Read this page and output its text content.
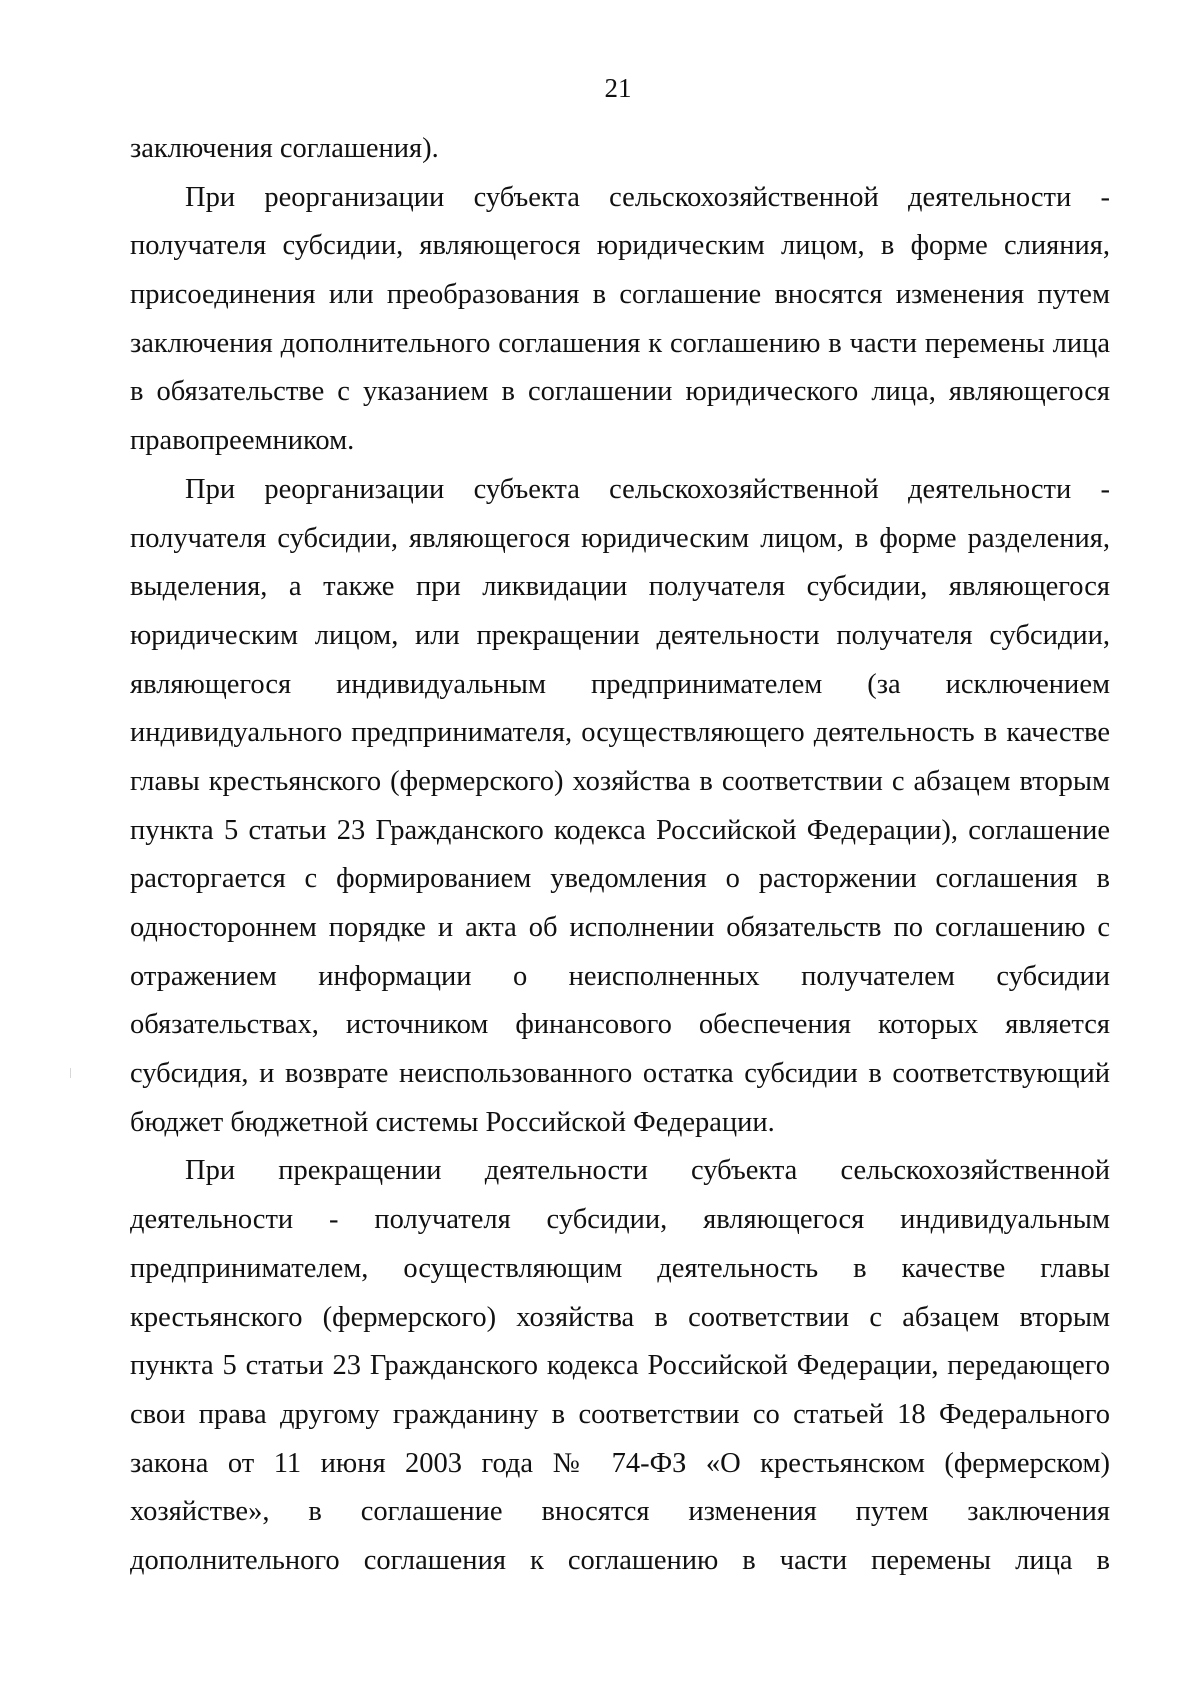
21
заключения соглашения).
При реорганизации субъекта сельскохозяйственной деятельности -
получателя субсидии, являющегося юридическим лицом, в форме слияния,
присоединения или преобразования в соглашение вносятся изменения путем
заключения дополнительного соглашения к соглашению в части перемены лица
в обязательстве с указанием в соглашении юридического лица, являющегося
правопреемником.
При реорганизации субъекта сельскохозяйственной деятельности -
получателя субсидии, являющегося юридическим лицом, в форме разделения,
выделения, а также при ликвидации получателя субсидии, являющегося
юридическим лицом, или прекращении деятельности получателя субсидии,
являющегося индивидуальным предпринимателем (за исключением
индивидуального предпринимателя, осуществляющего деятельность в качестве
главы крестьянского (фермерского) хозяйства в соответствии с абзацем вторым
пункта 5 статьи 23 Гражданского кодекса Российской Федерации), соглашение
расторгается с формированием уведомления о расторжении соглашения в
одностороннем порядке и акта об исполнении обязательств по соглашению с
отражением информации о неисполненных получателем субсидии
обязательствах, источником финансового обеспечения которых является
субсидия, и возврате неиспользованного остатка субсидии в соответствующий
бюджет бюджетной системы Российской Федерации.
При прекращении деятельности субъекта сельскохозяйственной
деятельности - получателя субсидии, являющегося индивидуальным
предпринимателем, осуществляющим деятельность в качестве главы
крестьянского (фермерского) хозяйства в соответствии с абзацем вторым
пункта 5 статьи 23 Гражданского кодекса Российской Федерации, передающего
свои права другому гражданину в соответствии со статьей 18 Федерального
закона от 11 июня 2003 года № 74-ФЗ «О крестьянском (фермерском)
хозяйстве», в соглашение вносятся изменения путем заключения
дополнительного соглашения к соглашению в части перемены лица в
